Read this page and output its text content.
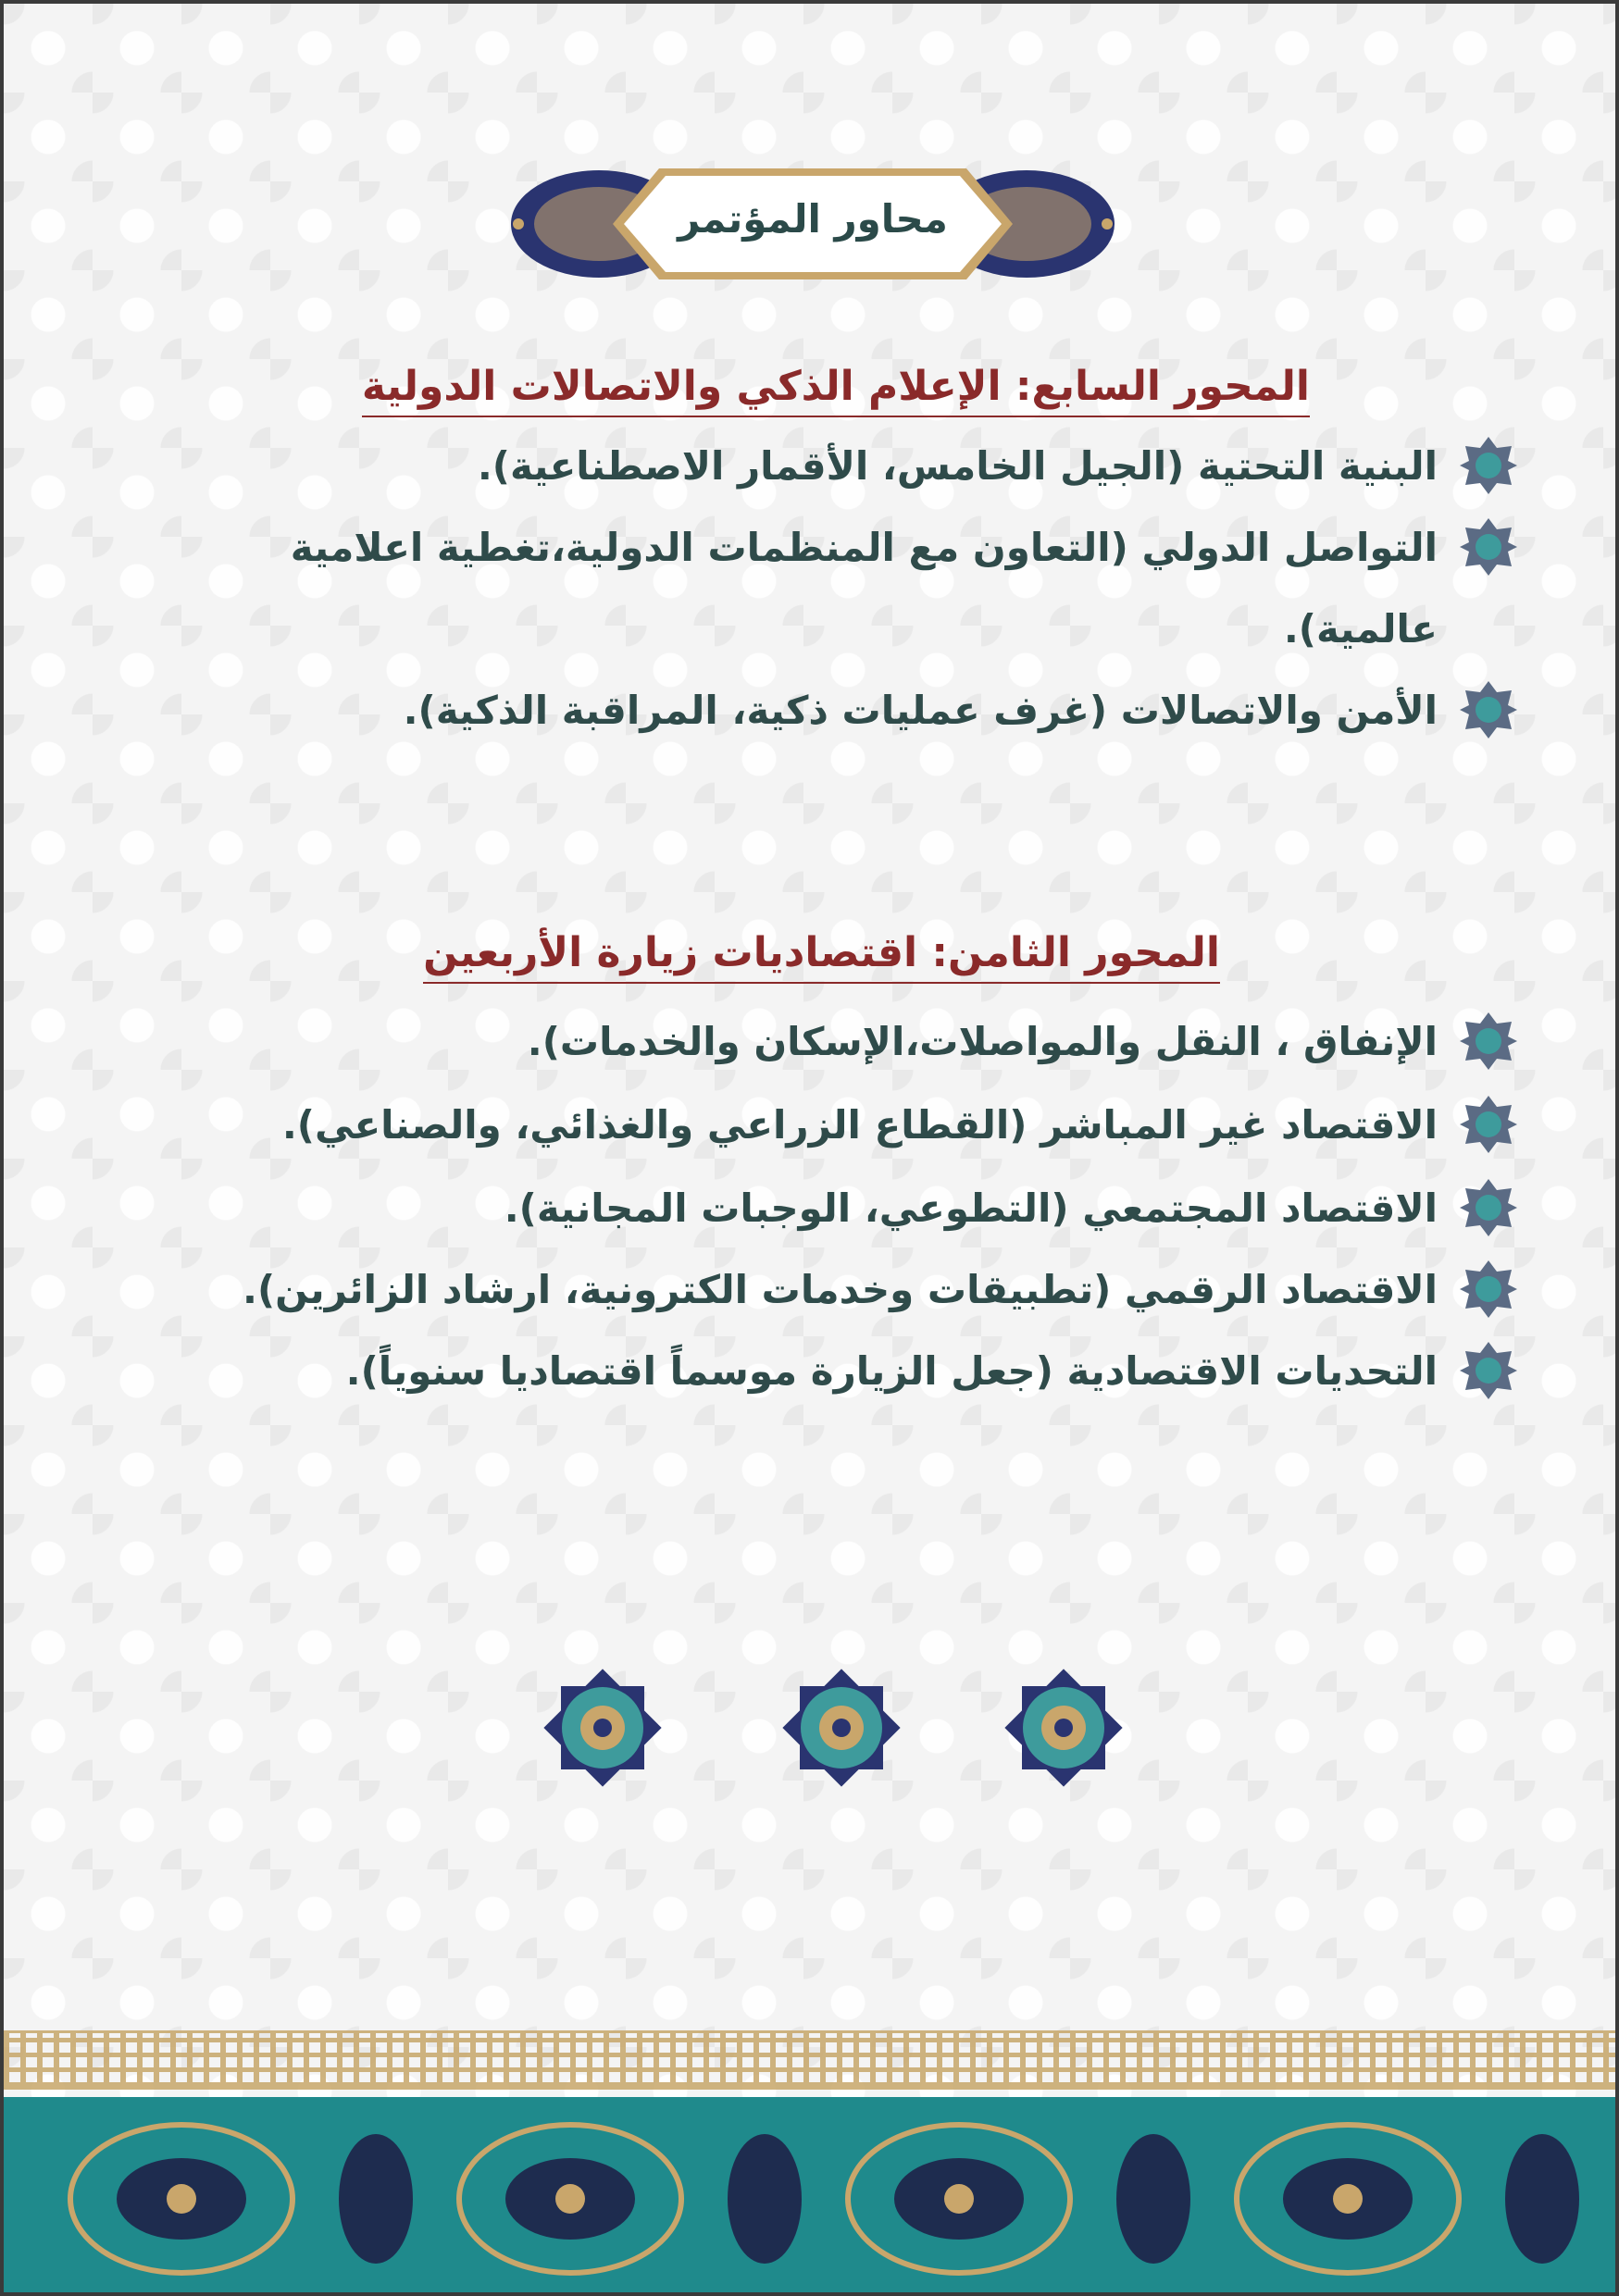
محاور المؤتمر
المحور السابع: الإعلام الذكي والاتصالات الدولية
البنية التحتية (الجيل الخامس، الأقمار الاصطناعية).
التواصل الدولي (التعاون مع المنظمات الدولية،تغطية اعلامية عالمية).
الأمن والاتصالات (غرف عمليات ذكية، المراقبة الذكية).
المحور الثامن: اقتصاديات زيارة الأربعين
الإنفاق ، النقل والمواصلات،الإسكان والخدمات).
الاقتصاد غير المباشر (القطاع الزراعي والغذائي، والصناعي).
الاقتصاد المجتمعي (التطوعي، الوجبات المجانية).
الاقتصاد الرقمي (تطبيقات وخدمات الكترونية، ارشاد الزائرين).
التحديات الاقتصادية (جعل الزيارة موسماً اقتصاديا سنوياً).
